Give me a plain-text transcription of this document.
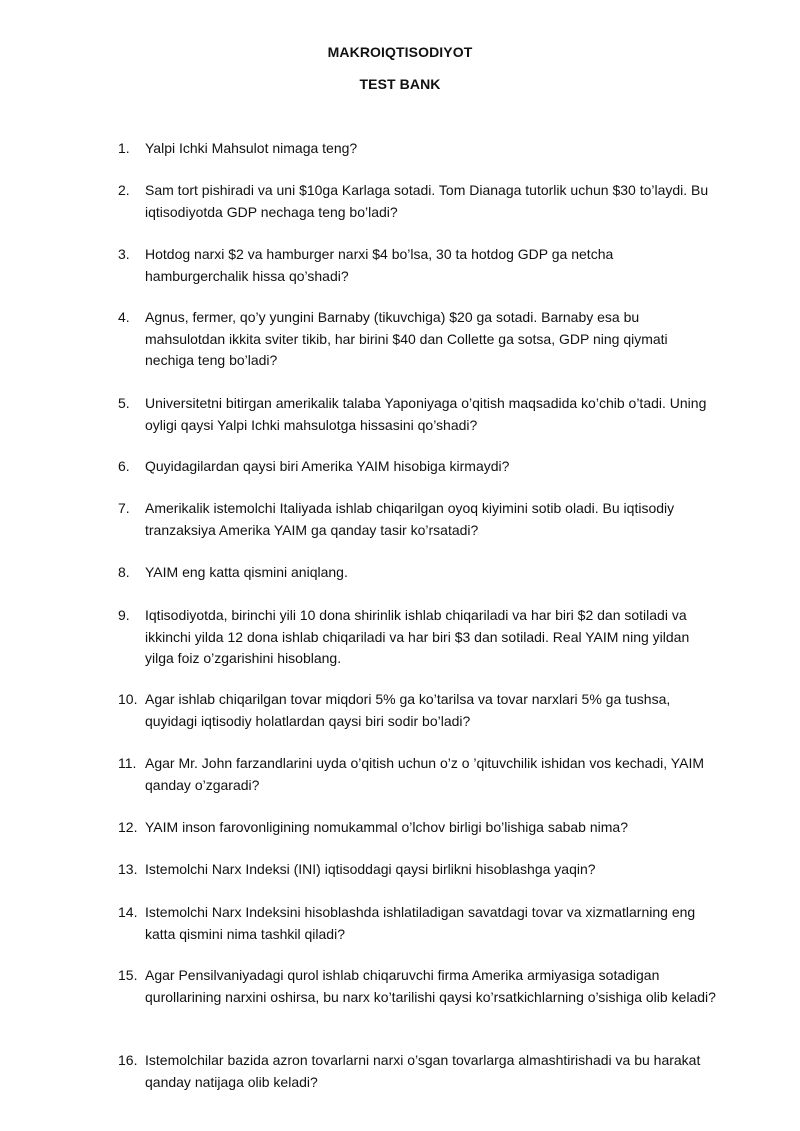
MAKROIQTISODIYOT
TEST BANK
1.	Yalpi Ichki Mahsulot nimaga teng?
2.	Sam tort pishiradi va uni $10ga Karlaga sotadi. Tom Dianaga tutorlik uchun $30 to’laydi. Bu iqtisodiyotda GDP nechaga teng bo’ladi?
3.	Hotdog narxi $2 va hamburger narxi $4 bo’lsa, 30 ta hotdog GDP ga netcha hamburgerchalik hissa qo’shadi?
4.	Agnus, fermer, qo’y yungini Barnaby (tikuvchiga) $20 ga sotadi. Barnaby esa bu mahsulotdan ikkita sviter tikib, har birini $40 dan Collette ga sotsa, GDP ning qiymati nechiga teng bo’ladi?
5.	Universitetni bitirgan amerikalik talaba Yaponiyaga o’qitish maqsadida ko’chib o’tadi. Uning oyligi qaysi Yalpi Ichki mahsulotga hissasini qo’shadi?
6.	Quyidagilardan qaysi biri Amerika YAIM hisobiga kirmaydi?
7.	Amerikalik istemolchi Italiyada ishlab chiqarilgan oyoq kiyimini sotib oladi. Bu iqtisodiy tranzaksiya Amerika YAIM ga qanday tasir ko’rsatadi?
8.	YAIM eng katta qismini aniqlang.
9.	Iqtisodiyotda, birinchi yili 10 dona shirinlik ishlab chiqariladi va har biri $2 dan sotiladi va ikkinchi yilda 12 dona ishlab chiqariladi va har biri $3 dan sotiladi. Real YAIM ning yildan yilga foiz o’zgarishini hisoblang.
10. Agar ishlab chiqarilgan tovar miqdori 5% ga ko’tarilsa va tovar narxlari 5% ga tushsa, quyidagi iqtisodiy holatlardan qaysi biri sodir bo’ladi?
11. Agar Mr. John farzandlarini uyda o’qitish uchun o’z o ’qituvchilik ishidan vos kechadi, YAIM qanday o’zgaradi?
12. YAIM inson farovonligining nomukammal o’lchov birligi bo’lishiga sabab nima?
13. Istemolchi Narx Indeksi (INI) iqtisoddagi qaysi birlikni hisoblashga yaqin?
14. Istemolchi Narx Indeksini hisoblashda ishlatiladigan savatdagi tovar va xizmatlarning eng katta qismini nima tashkil qiladi?
15. Agar Pensilvaniyadagi qurol ishlab chiqaruvchi firma Amerika armiyasiga sotadigan qurollarining narxini oshirsa, bu narx ko’tarilishi qaysi ko’rsatkichlarning o’sishiga olib keladi?
16. Istemolchilar bazida azron tovarlarni narxi o’sgan tovarlarga almashtirishadi va bu harakat qanday natijaga olib keladi?
